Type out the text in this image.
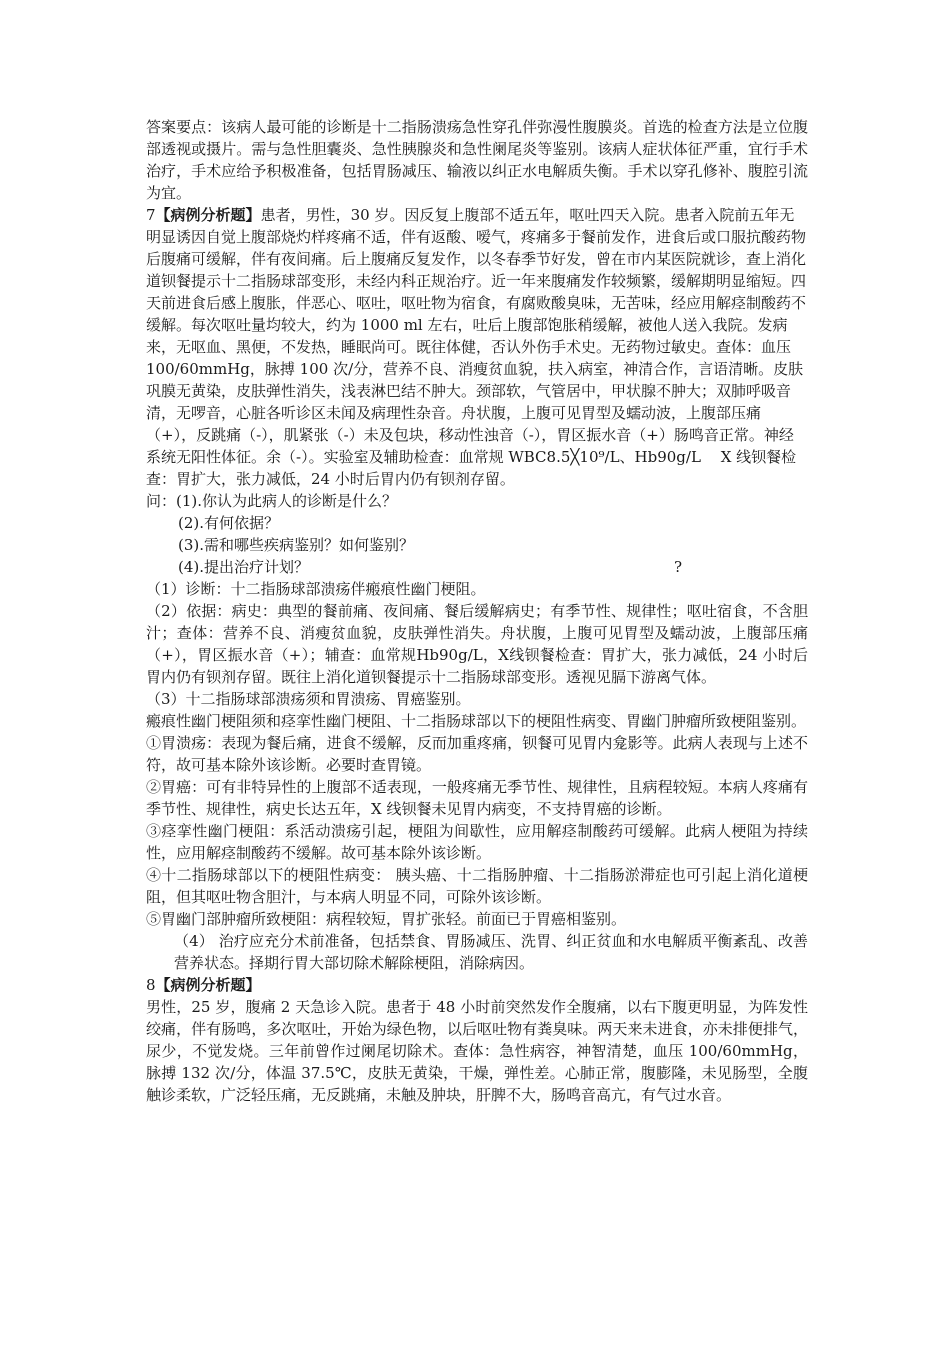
答案要点：该病人最可能的诊断是十二指肠溃疡急性穿孔伴弥漫性腹膜炎。首选的检查方法是立位腹部透视或摄片。需与急性胆囊炎、急性胰腺炎和急性阑尾炎等鉴别。该病人症状体征严重，宜行手术治疗，手术应给予积极准备，包括胃肠减压、输液以纠正水电解质失衡。手术以穿孔修补、腹腔引流为宜。

7【病例分析题】患者，男性，30 岁。因反复上腹部不适五年，呕吐四天入院。患者入院前五年无明显诱因自觉上腹部烧灼样疼痛不适，伴有返酸、嗳气，疼痛多于餐前发作，进食后或口服抗酸药物后腹痛可缓解，伴有夜间痛。后上腹痛反复发作，以冬春季节好发，曾在市内某医院就诊，查上消化道钡餐提示十二指肠球部变形，未经内科正规治疗。近一年来腹痛发作较频繁，缓解期明显缩短。四天前进食后感上腹胀，伴恶心、呕吐，呕吐物为宿食，有腐败酸臭味，无苦味，经应用解痉制酸药不缓解。每次呕吐量均较大，约为 1000 ml 左右，吐后上腹部饱胀稍缓解，被他人送入我院。发病来，无呕血、黑便，不发热，睡眠尚可。既往体健，否认外伤手术史。无药物过敏史。查体：血压 100/60mmHg，脉搏 100 次/分，营养不良、消瘦贫血貌，扶入病室，神清合作，言语清晰。皮肤巩膜无黄染，皮肤弹性消失，浅表淋巴结不肿大。颈部软，气管居中，甲状腺不肿大；双肺呼吸音清，无啰音，心脏各听诊区未闻及病理性杂音。舟状腹，上腹可见胃型及蠕动波，上腹部压痛（+），反跳痛（-），肌紧张（-）未及包块，移动性浊音（-），胃区振水音（+）肠鸣音正常。神经系统无阳性体征。余（-）。实验室及辅助检查：血常规 WBC8.5╳10⁹/L、Hb90g/L　 X 线钡餐检查：胃扩大，张力减低，24 小时后胃内仍有钡剂存留。

问：(1).你认为此病人的诊断是什么？

(2).有何依据？

(3).需和哪些疾病鉴别？如何鉴别？

(4).提出治疗计划？	?

（1）诊断：十二指肠球部溃疡伴瘢痕性幽门梗阻。

（2）依据：病史：典型的餐前痛、夜间痛、餐后缓解病史；有季节性、规律性；呕吐宿食，不含胆汁；查体：营养不良、消瘦贫血貌，皮肤弹性消失。舟状腹，上腹可见胃型及蠕动波，上腹部压痛（+），胃区振水音（+）；辅查：血常规Hb90g/L，X线钡餐检查：胃扩大，张力减低，24 小时后胃内仍有钡剂存留。既往上消化道钡餐提示十二指肠球部变形。透视见膈下游离气体。

（3）十二指肠球部溃疡须和胃溃疡、胃癌鉴别。

瘢痕性幽门梗阻须和痉挛性幽门梗阻、十二指肠球部以下的梗阻性病变、胃幽门肿瘤所致梗阻鉴别。

①胃溃疡：表现为餐后痛，进食不缓解，反而加重疼痛，钡餐可见胃内龛影等。此病人表现与上述不符，故可基本除外该诊断。必要时查胃镜。

②胃癌：可有非特异性的上腹部不适表现，一般疼痛无季节性、规律性，且病程较短。本病人疼痛有季节性、规律性，病史长达五年，X 线钡餐未见胃内病变，不支持胃癌的诊断。

③痉挛性幽门梗阻：系活动溃疡引起，梗阻为间歇性，应用解痉制酸药可缓解。此病人梗阻为持续性，应用解痉制酸药不缓解。故可基本除外该诊断。

④十二指肠球部以下的梗阻性病变： 胰头癌、十二指肠肿瘤、十二指肠淤滞症也可引起上消化道梗阻，但其呕吐物含胆汁，与本病人明显不同，可除外该诊断。

⑤胃幽门部肿瘤所致梗阻：病程较短，胃扩张轻。前面已于胃癌相鉴别。

（4） 治疗应充分术前准备，包括禁食、胃肠减压、洗胃、纠正贫血和水电解质平衡紊乱、改善营养状态。择期行胃大部切除术解除梗阻，消除病因。

8【病例分析题】

男性，25 岁，腹痛 2 天急诊入院。患者于 48 小时前突然发作全腹痛，以右下腹更明显，为阵发性绞痛，伴有肠鸣，多次呕吐，开始为绿色物，以后呕吐物有粪臭味。两天来未进食，亦未排便排气，尿少，不觉发烧。三年前曾作过阑尾切除术。查体：急性病容，神智清楚，血压 100/60mmHg，脉搏 132 次/分，体温 37.5℃，皮肤无黄染，干燥，弹性差。心肺正常，腹膨隆，未见肠型，全腹触诊柔软，广泛轻压痛，无反跳痛，未触及肿块，肝脾不大，肠鸣音高亢，有气过水音。
